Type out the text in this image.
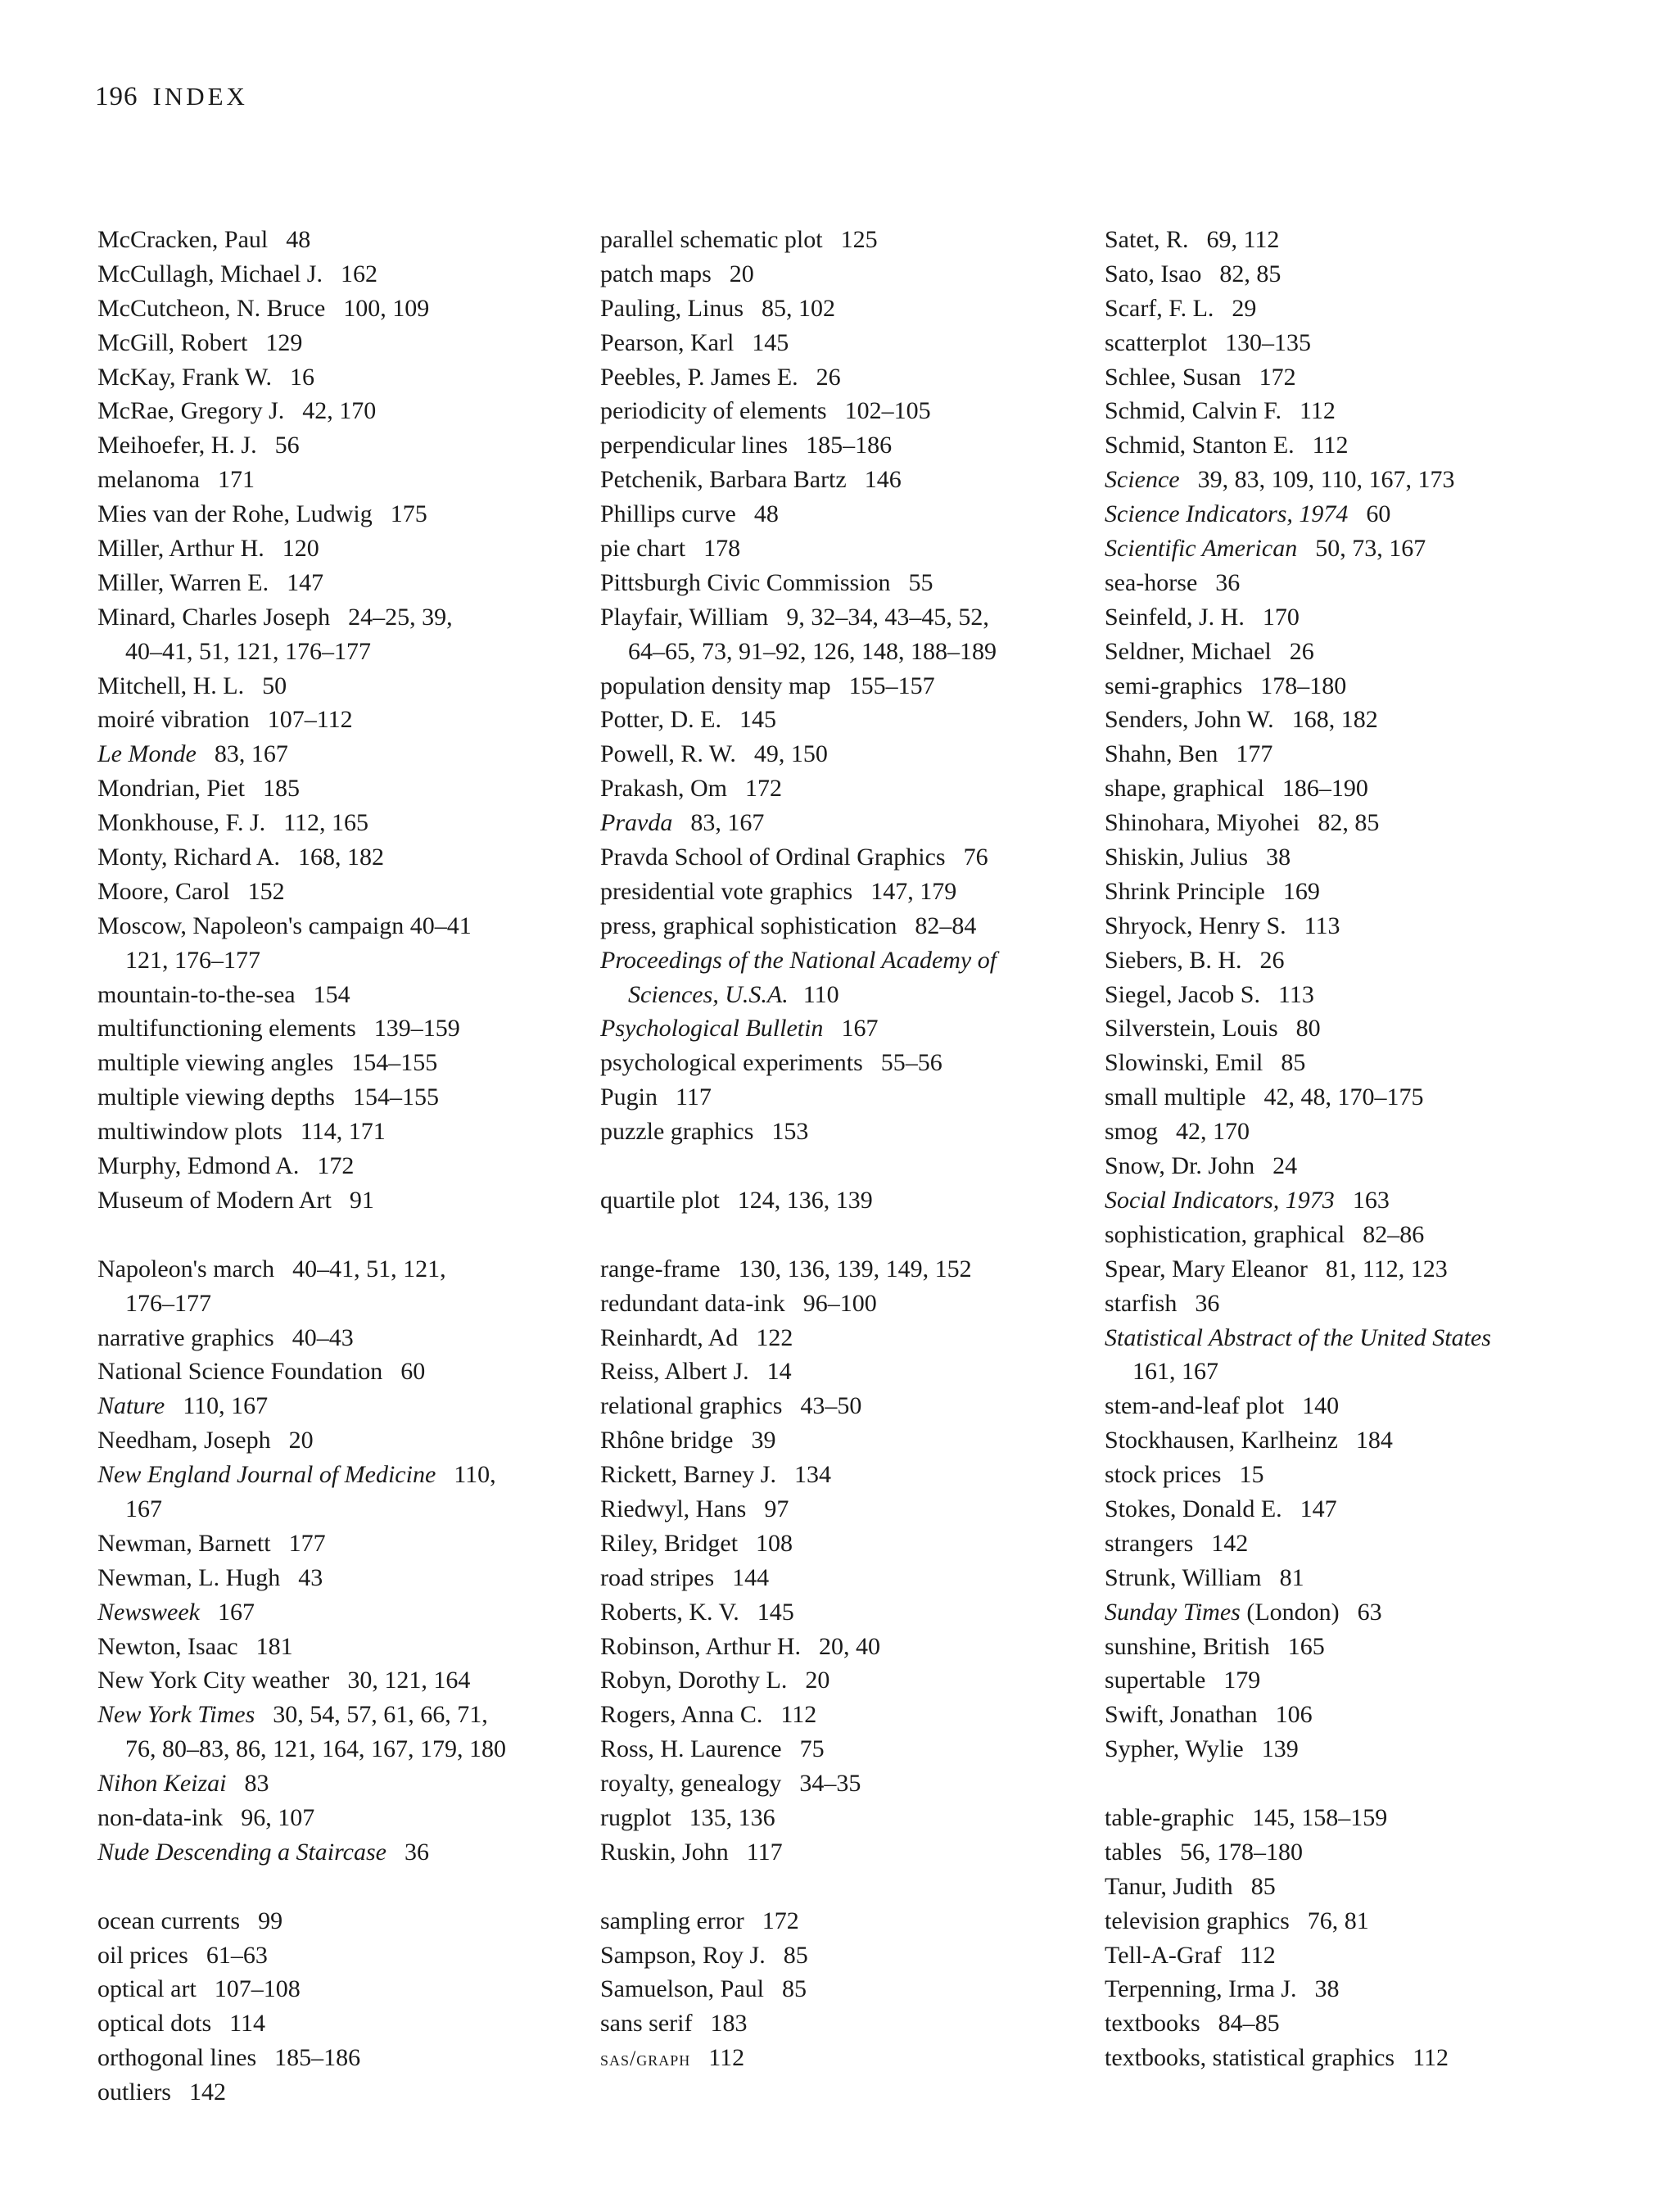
196 INDEX
McCracken, Paul 48
McCullagh, Michael J. 162
McCutcheon, N. Bruce 100, 109
McGill, Robert 129
McKay, Frank W. 16
McRae, Gregory J. 42, 170
Meihoefer, H. J. 56
melanoma 171
Mies van der Rohe, Ludwig 175
Miller, Arthur H. 120
Miller, Warren E. 147
Minard, Charles Joseph 24–25, 39,
40–41, 51, 121, 176–177
Mitchell, H. L. 50
moiré vibration 107–112
Le Monde 83, 167
Mondrian, Piet 185
Monkhouse, F. J. 112, 165
Monty, Richard A. 168, 182
Moore, Carol 152
Moscow, Napoleon's campaign 40–41
121, 176–177
mountain-to-the-sea 154
multifunctioning elements 139–159
multiple viewing angles 154–155
multiple viewing depths 154–155
multiwindow plots 114, 171
Murphy, Edmond A. 172
Museum of Modern Art 91
Napoleon's march 40–41, 51, 121,
176–177
narrative graphics 40–43
National Science Foundation 60
Nature 110, 167
Needham, Joseph 20
New England Journal of Medicine 110,
167
Newman, Barnett 177
Newman, L. Hugh 43
Newsweek 167
Newton, Isaac 181
New York City weather 30, 121, 164
New York Times 30, 54, 57, 61, 66, 71,
76, 80–83, 86, 121, 164, 167, 179, 180
Nihon Keizai 83
non-data-ink 96, 107
Nude Descending a Staircase 36
ocean currents 99
oil prices 61–63
optical art 107–108
optical dots 114
orthogonal lines 185–186
outliers 142
parallel schematic plot 125
patch maps 20
Pauling, Linus 85, 102
Pearson, Karl 145
Peebles, P. James E. 26
periodicity of elements 102–105
perpendicular lines 185–186
Petchenik, Barbara Bartz 146
Phillips curve 48
pie chart 178
Pittsburgh Civic Commission 55
Playfair, William 9, 32–34, 43–45, 52,
64–65, 73, 91–92, 126, 148, 188–189
population density map 155–157
Potter, D. E. 145
Powell, R. W. 49, 150
Prakash, Om 172
Pravda 83, 167
Pravda School of Ordinal Graphics 76
presidential vote graphics 147, 179
press, graphical sophistication 82–84
Proceedings of the National Academy of
Sciences, U.S.A. 110
Psychological Bulletin 167
psychological experiments 55–56
Pugin 117
puzzle graphics 153
quartile plot 124, 136, 139
range-frame 130, 136, 139, 149, 152
redundant data-ink 96–100
Reinhardt, Ad 122
Reiss, Albert J. 14
relational graphics 43–50
Rhône bridge 39
Rickett, Barney J. 134
Riedwyl, Hans 97
Riley, Bridget 108
road stripes 144
Roberts, K. V. 145
Robinson, Arthur H. 20, 40
Robyn, Dorothy L. 20
Rogers, Anna C. 112
Ross, H. Laurence 75
royalty, genealogy 34–35
rugplot 135, 136
Ruskin, John 117
sampling error 172
Sampson, Roy J. 85
Samuelson, Paul 85
sans serif 183
sas/graph 112
Satet, R. 69, 112
Sato, Isao 82, 85
Scarf, F. L. 29
scatterplot 130–135
Schlee, Susan 172
Schmid, Calvin F. 112
Schmid, Stanton E. 112
Science 39, 83, 109, 110, 167, 173
Science Indicators, 1974 60
Scientific American 50, 73, 167
sea-horse 36
Seinfeld, J. H. 170
Seldner, Michael 26
semi-graphics 178–180
Senders, John W. 168, 182
Shahn, Ben 177
shape, graphical 186–190
Shinohara, Miyohei 82, 85
Shiskin, Julius 38
Shrink Principle 169
Shryock, Henry S. 113
Siebers, B. H. 26
Siegel, Jacob S. 113
Silverstein, Louis 80
Slowinski, Emil 85
small multiple 42, 48, 170–175
smog 42, 170
Snow, Dr. John 24
Social Indicators, 1973 163
sophistication, graphical 82–86
Spear, Mary Eleanor 81, 112, 123
starfish 36
Statistical Abstract of the United States
161, 167
stem-and-leaf plot 140
Stockhausen, Karlheinz 184
stock prices 15
Stokes, Donald E. 147
strangers 142
Strunk, William 81
Sunday Times (London) 63
sunshine, British 165
supertable 179
Swift, Jonathan 106
Sypher, Wylie 139
table-graphic 145, 158–159
tables 56, 178–180
Tanur, Judith 85
television graphics 76, 81
Tell-A-Graf 112
Terpenning, Irma J. 38
textbooks 84–85
textbooks, statistical graphics 112
